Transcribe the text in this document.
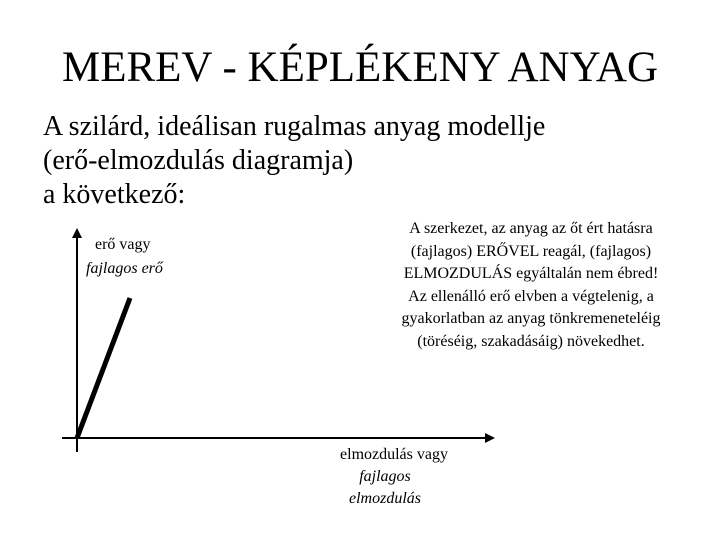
MEREV - KÉPLÉKENY ANYAG
A szilárd, ideálisan rugalmas anyag modellje
(erő-elmozdulás diagramja)
a következő:
erő vagy
fajlagos erő
A szerkezet, az anyag az őt ért hatásra
(fajlagos) ERŐVEL reagál, (fajlagos)
ELMOZDULÁS egyáltalán nem ébred!
Az ellenálló erő elvben a végtelenig, a
gyakorlatban az anyag tönkremeneteléig
(töréséig, szakadásáig) növekedhet.
elmozdulás vagy
fajlagos
elmozdulás
